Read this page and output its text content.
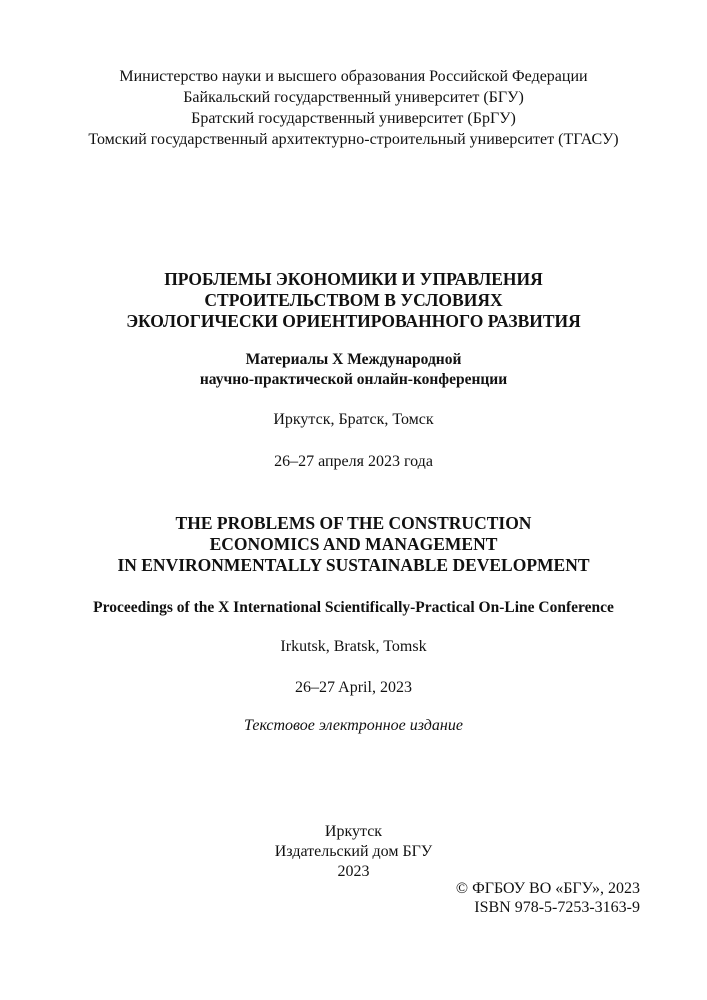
Министерство науки и высшего образования Российской Федерации
Байкальский государственный университет (БГУ)
Братский государственный университет (БрГУ)
Томский государственный архитектурно-строительный университет (ТГАСУ)
ПРОБЛЕМЫ ЭКОНОМИКИ И УПРАВЛЕНИЯ
СТРОИТЕЛЬСТВОМ В УСЛОВИЯХ
ЭКОЛОГИЧЕСКИ ОРИЕНТИРОВАННОГО РАЗВИТИЯ
Материалы X Международной
научно-практической онлайн-конференции
Иркутск, Братск, Томск
26–27 апреля 2023 года
THE PROBLEMS OF THE CONSTRUCTION
ECONOMICS AND MANAGEMENT
IN ENVIRONMENTALLY SUSTAINABLE DEVELOPMENT
Proceedings of the X International Scientifically-Practical On-Line Conference
Irkutsk, Bratsk, Tomsk
26–27 April, 2023
Текстовое электронное издание
Иркутск
Издательский дом БГУ
2023
© ФГБОУ ВО «БГУ», 2023
ISBN 978-5-7253-3163-9
